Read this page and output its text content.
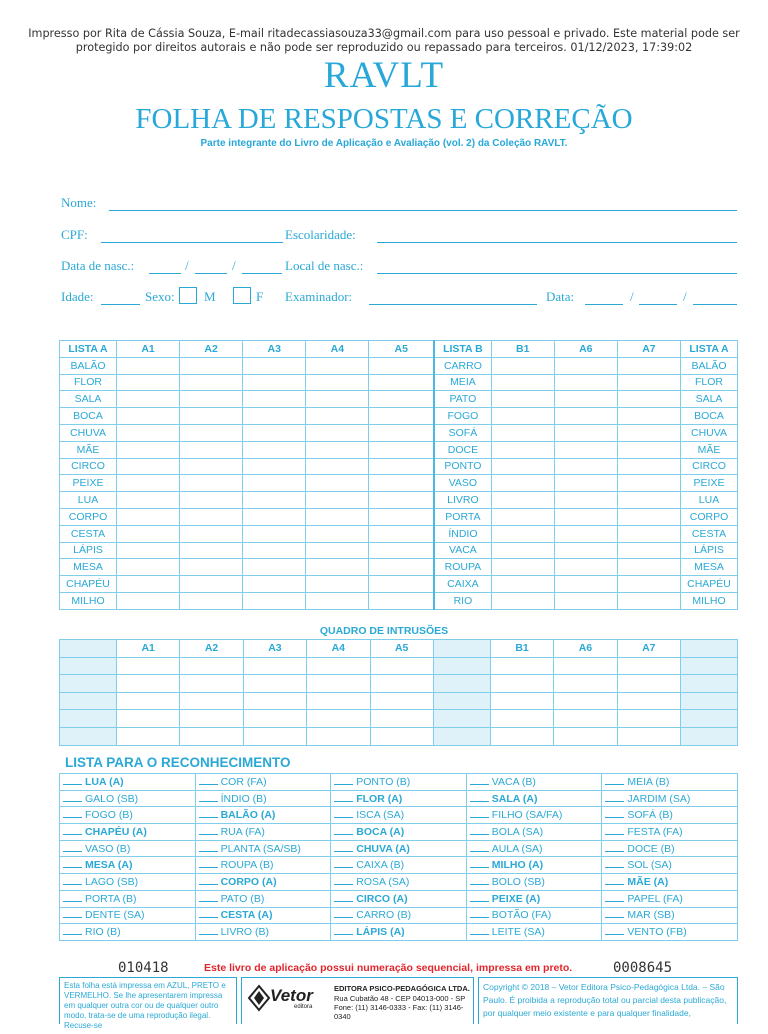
Impresso por Rita de Cássia Souza, E-mail ritadecassiasouza33@gmail.com para uso pessoal e privado. Este material pode ser protegido por direitos autorais e não pode ser reproduzido ou repassado para terceiros. 01/12/2023, 17:39:02
RAVLT
FOLHA DE RESPOSTAS E CORREÇÃO
Parte integrante do Livro de Aplicação e Avaliação (vol. 2) da Coleção RAVLT.
Nome:
CPF:	Escolaridade:
Data de nasc.:	/	/	Local de nasc.:
Idade:	Sexo: M	F Examinador:	Data:	/	/
LISTA A	A1	A2	A3	A4	A5	LISTA B	B1	A6	A7	LISTA A
BALÃO						CARRO				BALÃO
FLOR						MEIA				FLOR
SALA						PATO				SALA
BOCA						FOGO				BOCA
CHUVA						SOFÁ				CHUVA
MÃE						DOCE				MÃE
CIRCO						PONTO				CIRCO
PEIXE						VASO				PEIXE
LUA						LIVRO				LUA
CORPO						PORTA				CORPO
CESTA						ÍNDIO				CESTA
LÁPIS						VACA				LÁPIS
MESA						ROUPA				MESA
CHAPÉU						CAIXA				CHAPÉU
MILHO						RIO				MILHO
QUADRO DE INTRUSÕES
	A1	A2	A3	A4	A5		B1	A6	A7	

LISTA PARA O RECONHECIMENTO
LUA (A)	COR (FA)	PONTO (B)	VACA (B)	MEIA (B)
GALO (SB)	ÍNDIO (B)	FLOR (A)	SALA (A)	JARDIM (SA)
FOGO (B)	BALÃO (A)	ISCA (SA)	FILHO (SA/FA)	SOFÁ (B)
CHAPÉU (A)	RUA (FA)	BOCA (A)	BOLA (SA)	FESTA (FA)
VASO (B)	PLANTA (SA/SB)	CHUVA (A)	AULA (SA)	DOCE (B)
MESA (A)	ROUPA (B)	CAIXA (B)	MILHO (A)	SOL (SA)
LAGO (SB)	CORPO (A)	ROSA (SA)	BOLO (SB)	MÃE (A)
PORTA (B)	PATO (B)	CIRCO (A)	PEIXE (A)	PAPEL (FA)
DENTE (SA)	CESTA (A)	CARRO (B)	BOTÃO (FA)	MAR (SB)
RIO (B)	LIVRO (B)	LÁPIS (A)	LEITE (SA)	VENTO (FB)
010418	Este livro de aplicação possui numeração sequencial, impressa em preto.	0008645
Esta folha está impressa em AZUL, PRETO e VERMELHO. Se lhe apresentarem impressa em qualquer outra cor ou de qualquer outro modo, trata-se de uma reprodução ilegal. Recuse-se
Vetor
editora
EDITORA PSICO-PEDAGÓGICA LTDA.
Rua Cubatão 48 - CEP 04013-000 - SP Fone: (11) 3146-0333 - Fax: (11) 3146-0340
Copyright © 2018 – Vetor Editora Psico-Pedagógica Ltda. – São Paulo. É proibida a reprodução total ou parcial desta publicação, por qualquer meio existente e para qualquer finalidade,
